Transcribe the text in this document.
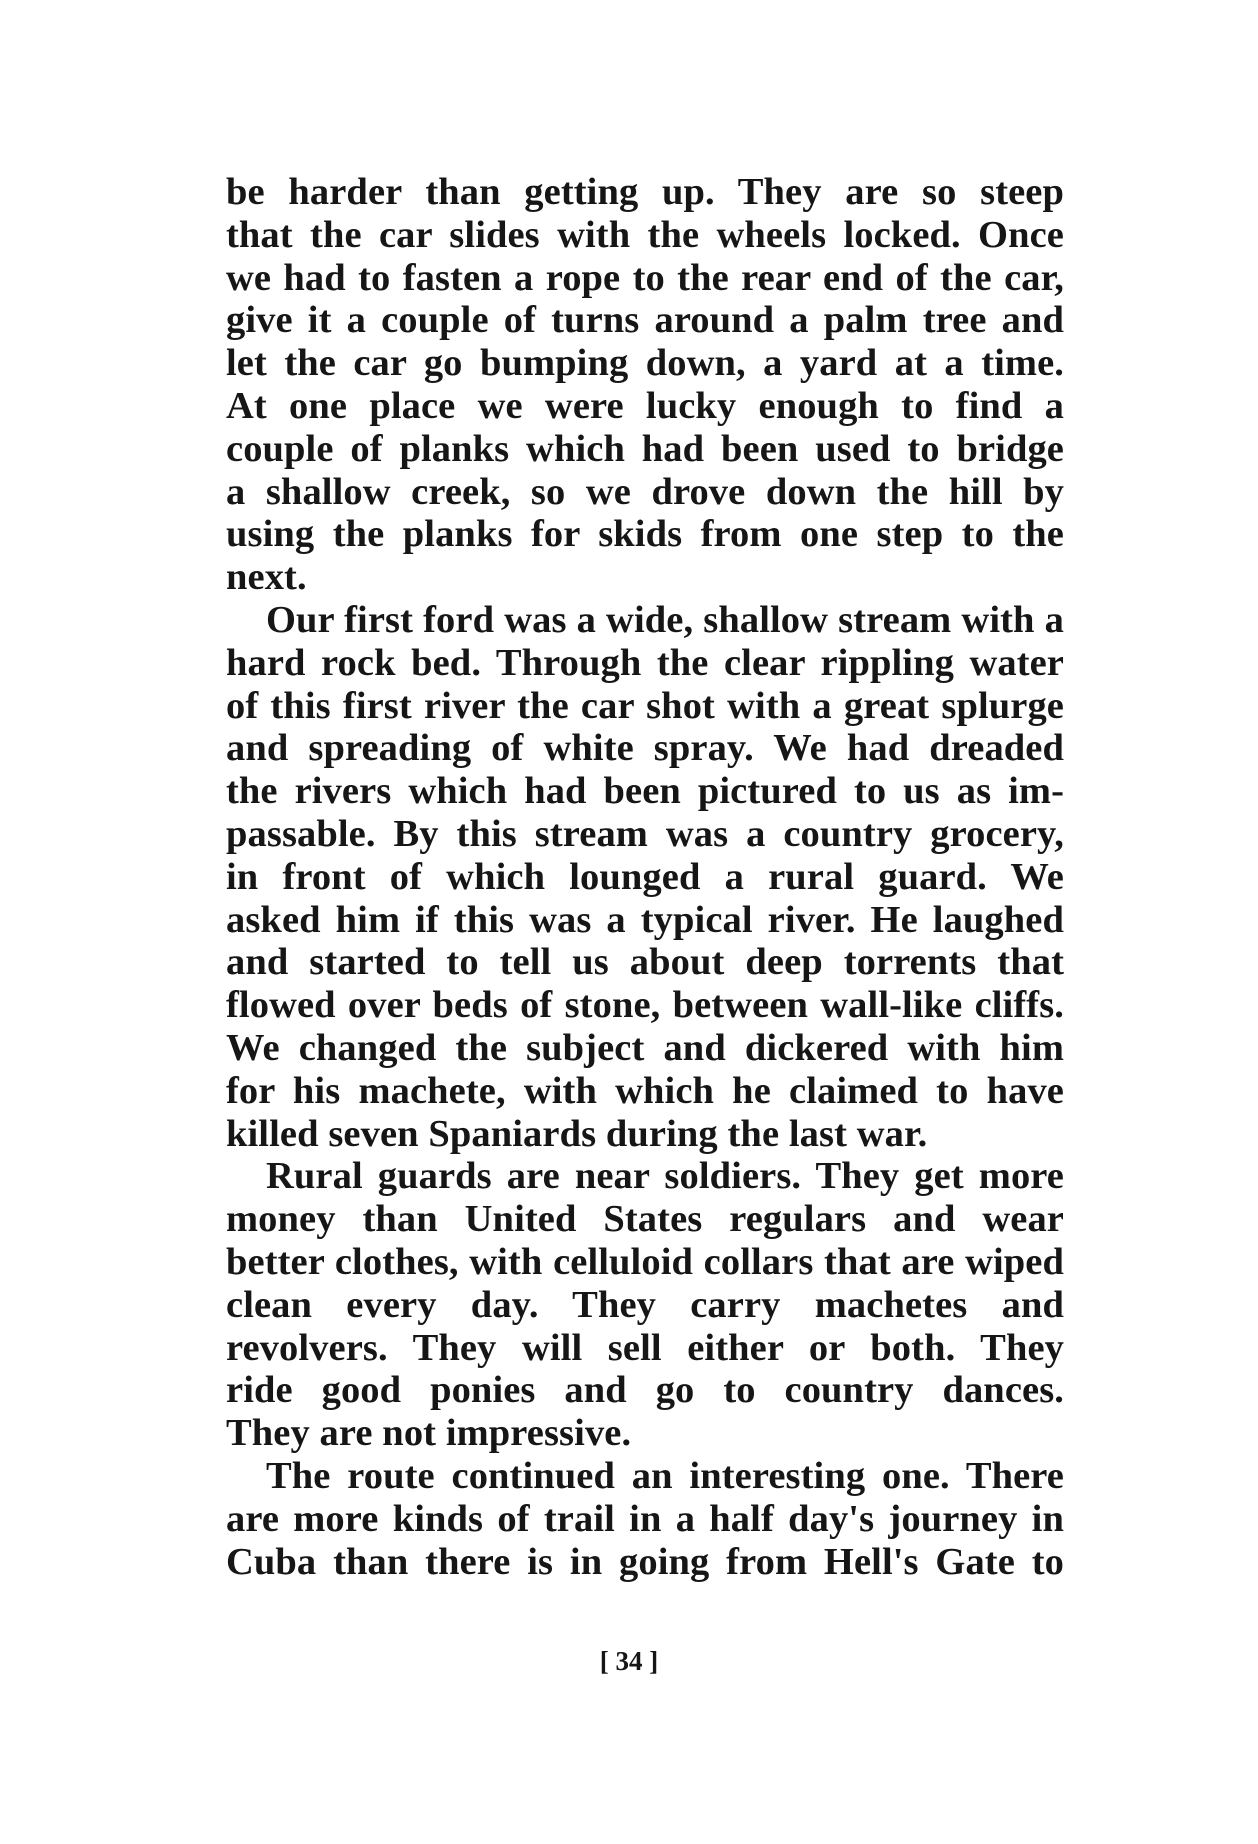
be harder than getting up. They are so steep
that the car slides with the wheels locked. Once
we had to fasten a rope to the rear end of the car,
give it a couple of turns around a palm tree and
let the car go bumping down, a yard at a time.
At one place we were lucky enough to find a
couple of planks which had been used to bridge
a shallow creek, so we drove down the hill by
using the planks for skids from one step to the
next.
Our first ford was a wide, shallow stream with a
hard rock bed. Through the clear rippling water
of this first river the car shot with a great splurge
and spreading of white spray. We had dreaded
the rivers which had been pictured to us as im-
passable. By this stream was a country grocery,
in front of which lounged a rural guard. We
asked him if this was a typical river. He laughed
and started to tell us about deep torrents that
flowed over beds of stone, between wall-like cliffs.
We changed the subject and dickered with him
for his machete, with which he claimed to have
killed seven Spaniards during the last war.
Rural guards are near soldiers. They get more
money than United States regulars and wear
better clothes, with celluloid collars that are wiped
clean every day. They carry machetes and
revolvers. They will sell either or both. They
ride good ponies and go to country dances.
They are not impressive.
The route continued an interesting one. There
are more kinds of trail in a half day's journey in
Cuba than there is in going from Hell's Gate to
[ 34 ]
